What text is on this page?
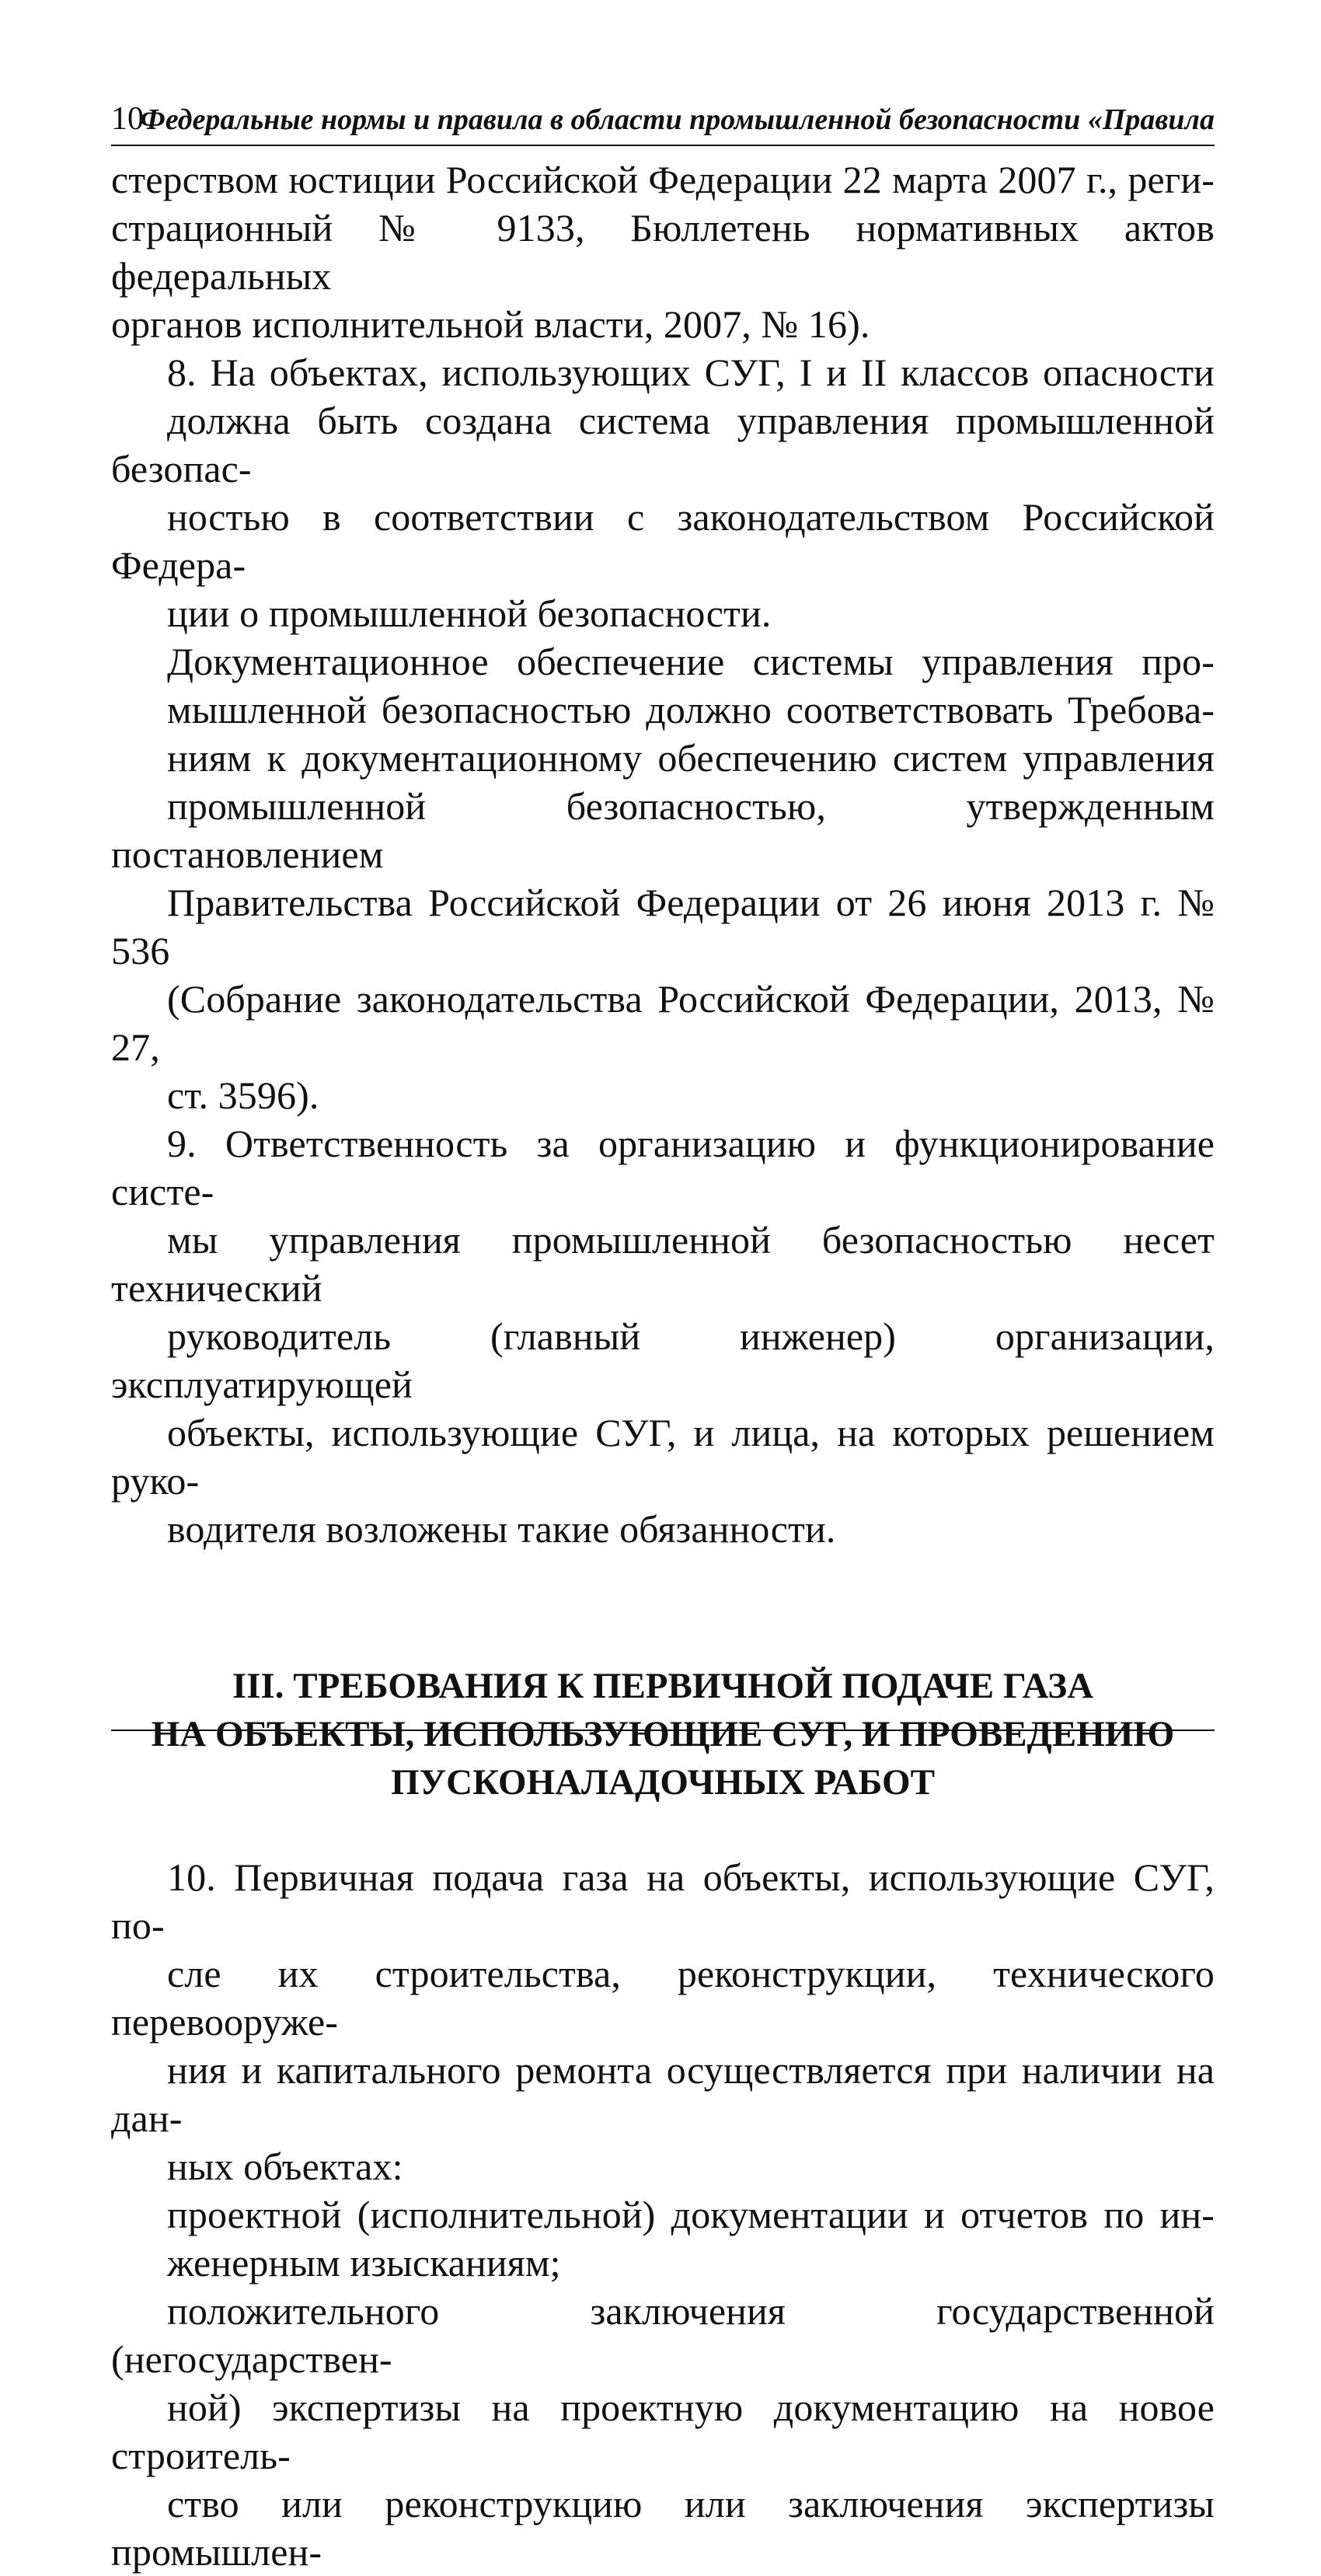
10
Федеральные нормы и правила в области промышленной безопасности «Правила

стерством юстиции Российской Федерации 22 марта 2007 г., реги-
страционный № 9133, Бюллетень нормативных актов федеральных
органов исполнительной власти, 2007, № 16).

8. На объектах, использующих СУГ, I и II классов опасности
должна быть создана система управления промышленной безопас-
ностью в соответствии с законодательством Российской Федера-
ции о промышленной безопасности.

Документационное обеспечение системы управления про-
мышленной безопасностью должно соответствовать Требова-
ниям к документационному обеспечению систем управления
промышленной безопасностью, утвержденным постановлением
Правительства Российской Федерации от 26 июня 2013 г. № 536
(Собрание законодательства Российской Федерации, 2013, № 27,
ст. 3596).

9. Ответственность за организацию и функционирование систе-
мы управления промышленной безопасностью несет технический
руководитель (главный инженер) организации, эксплуатирующей
объекты, использующие СУГ, и лица, на которых решением руко-
водителя возложены такие обязанности.

III. ТРЕБОВАНИЯ К ПЕРВИЧНОЙ ПОДАЧЕ ГАЗА
НА ОБЪЕКТЫ, ИСПОЛЬЗУЮЩИЕ СУГ, И ПРОВЕДЕНИЮ
ПУСКОНАЛАДОЧНЫХ РАБОТ

10. Первичная подача газа на объекты, использующие СУГ, по-
сле их строительства, реконструкции, технического перевооруже-
ния и капитального ремонта осуществляется при наличии на дан-
ных объектах:

проектной (исполнительной) документации и отчетов по ин-
женерным изысканиям;

положительного заключения государственной (негосударствен-
ной) экспертизы на проектную документацию на новое строитель-
ство или реконструкцию или заключения экспертизы промышлен-
